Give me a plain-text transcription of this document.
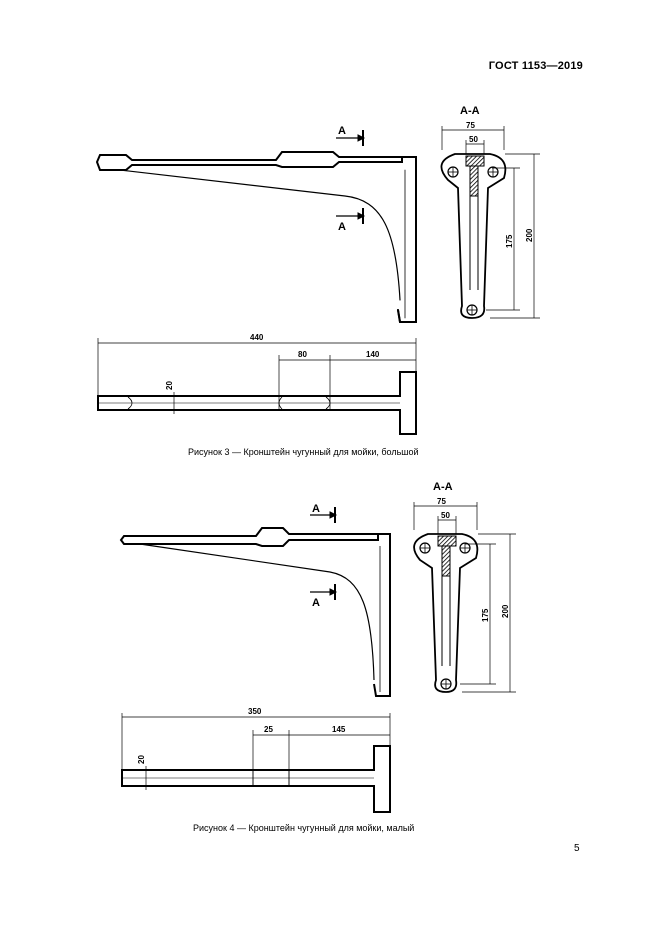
ГОСТ 1153—2019
А
А
А-А
75
50
175 200
440
80	140
20
Рисунок 3 — Кронштейн чугунный для мойки, большой
А
А
А-А
75
50
175 200
350
25	145
20
Рисунок 4 — Кронштейн чугунный для мойки, малый
5
